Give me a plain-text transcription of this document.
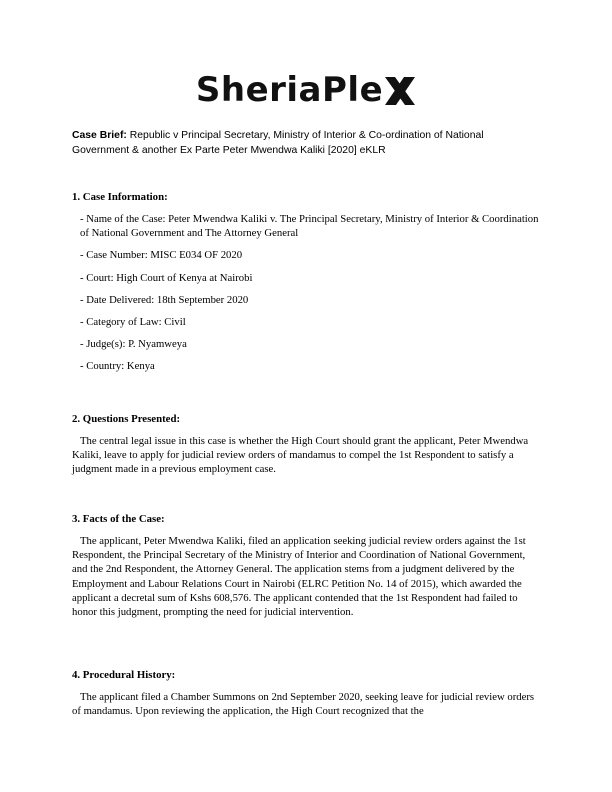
SheriaPle
Case Brief: Republic v Principal Secretary, Ministry of Interior & Co-ordination of National Government & another Ex Parte Peter Mwendwa Kaliki [2020] eKLR

1. Case Information:

- Name of the Case: Peter Mwendwa Kaliki v. The Principal Secretary, Ministry of Interior & Coordination of National Government and The Attorney General

- Case Number: MISC E034 OF 2020

- Court: High Court of Kenya at Nairobi

- Date Delivered: 18th September 2020

- Category of Law: Civil

- Judge(s): P. Nyamweya

- Country: Kenya

2. Questions Presented:

The central legal issue in this case is whether the High Court should grant the applicant, Peter Mwendwa Kaliki, leave to apply for judicial review orders of mandamus to compel the 1st Respondent to satisfy a judgment made in a previous employment case.

3. Facts of the Case:

The applicant, Peter Mwendwa Kaliki, filed an application seeking judicial review orders against the 1st Respondent, the Principal Secretary of the Ministry of Interior and Coordination of National Government, and the 2nd Respondent, the Attorney General. The application stems from a judgment delivered by the Employment and Labour Relations Court in Nairobi (ELRC Petition No. 14 of 2015), which awarded the applicant a decretal sum of Kshs 608,576. The applicant contended that the 1st Respondent had failed to honor this judgment, prompting the need for judicial intervention.

4. Procedural History:

The applicant filed a Chamber Summons on 2nd September 2020, seeking leave for judicial review orders of mandamus. Upon reviewing the application, the High Court recognized that the
